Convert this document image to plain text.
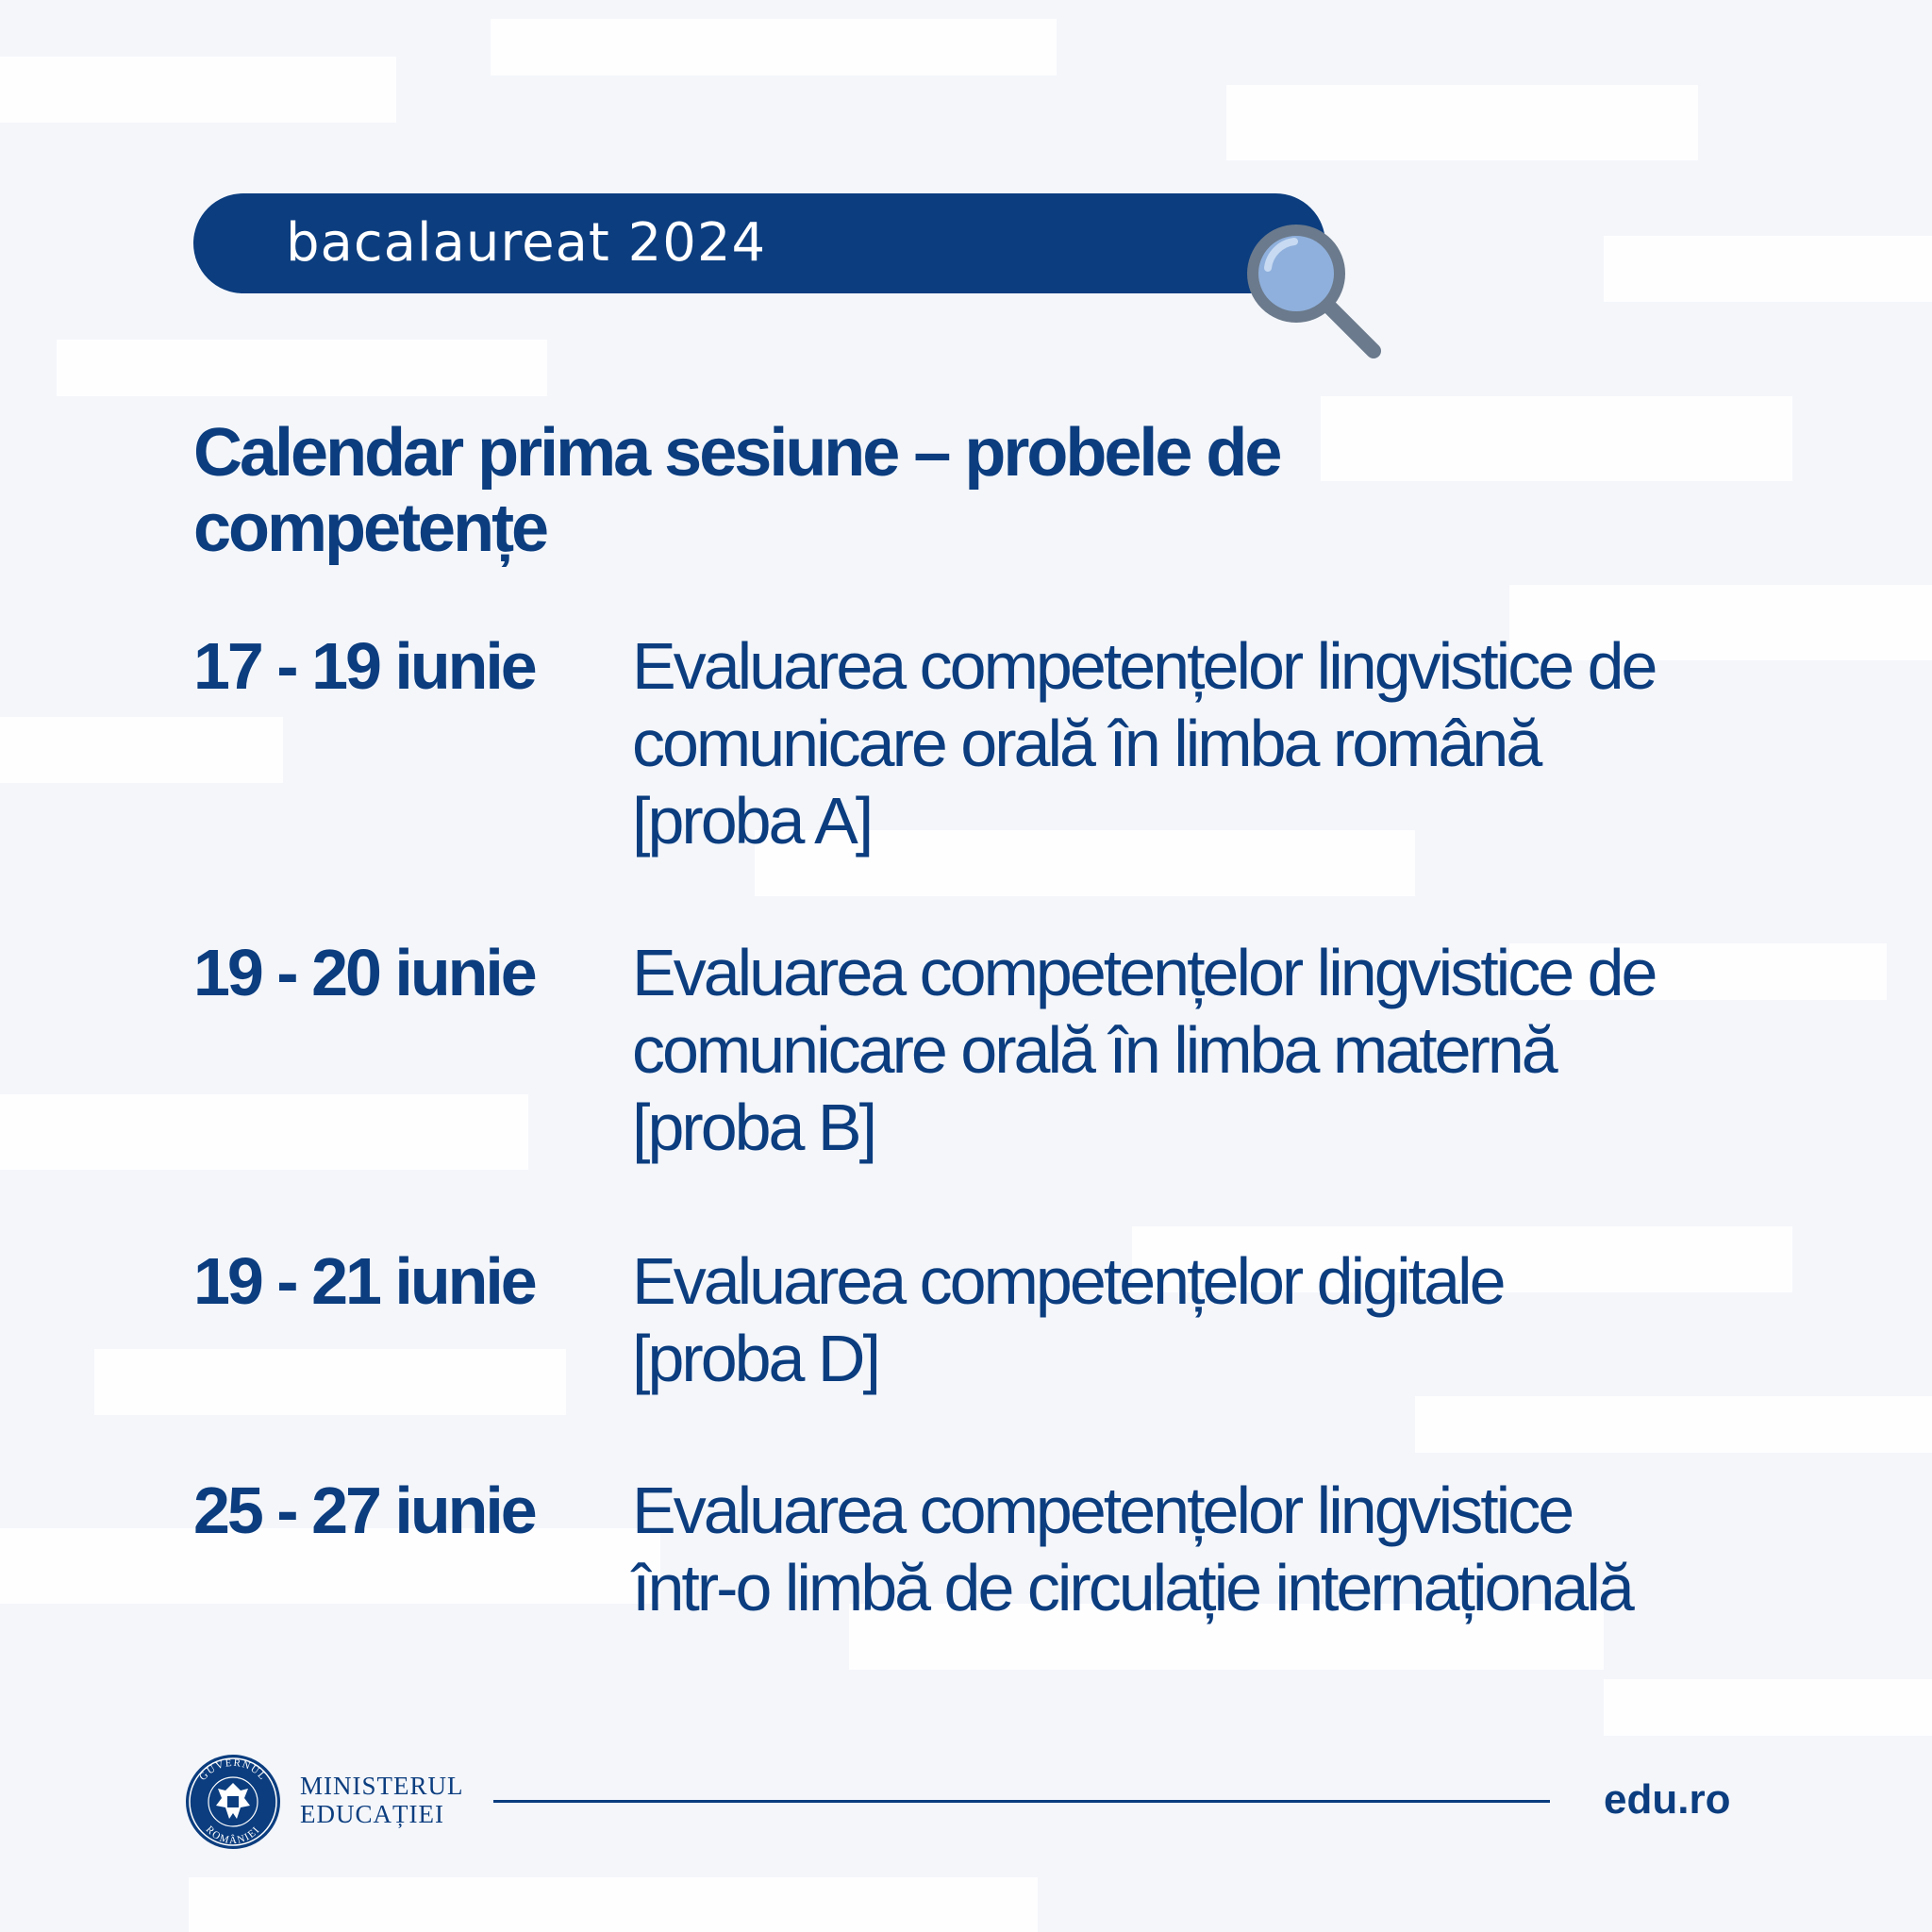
bacalaureat 2024
Calendar prima sesiune – probele de competențe
17 - 19 iunie	Evaluarea competențelor lingvistice de
comunicare orală în limba română
[proba A]
19 - 20 iunie	Evaluarea competențelor lingvistice de
comunicare orală în limba maternă
[proba B]
19 - 21 iunie	Evaluarea competențelor digitale
[proba D]
25 - 27 iunie	Evaluarea competențelor lingvistice
într-o limbă de circulație internațională
GUVERNUL
ROMÂNIEI
MINISTERUL
EDUCAȚIEI	edu.ro
